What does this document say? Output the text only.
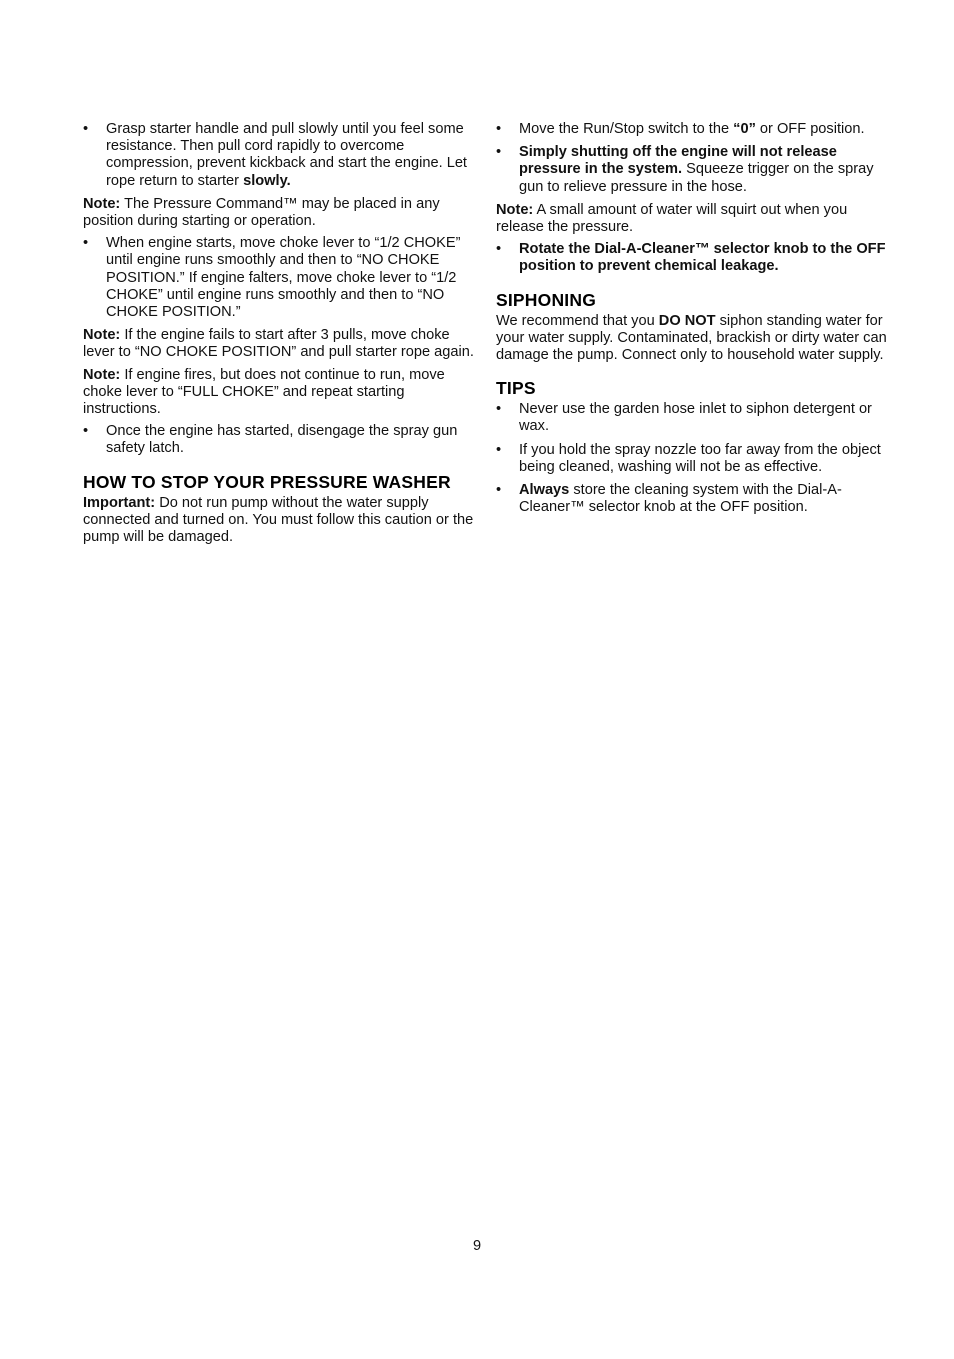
•	Grasp starter handle and pull slowly until you feel some resistance. Then pull cord rapidly to overcome compression, prevent kickback and start the engine. Let rope return to starter slowly.

Note: The Pressure Command™ may be placed in any position during starting or operation.

•	When engine starts, move choke lever to “1/2 CHOKE” until engine runs smoothly and then to “NO CHOKE POSITION.” If engine falters, move choke lever to “1/2 CHOKE” until engine runs smoothly and then to “NO CHOKE POSITION.”

Note: If the engine fails to start after 3 pulls, move choke lever to “NO CHOKE POSITION” and pull starter rope again.

Note: If engine fires, but does not continue to run, move choke lever to “FULL CHOKE” and repeat starting instructions.

•	Once the engine has started, disengage the spray gun safety latch.
HOW TO STOP YOUR PRESSURE WASHER

Important: Do not run pump without the water supply connected and turned on. You must follow this caution or the pump will be damaged.

•	Move the Run/Stop switch to the “0” or OFF position.
•	Simply shutting off the engine will not release pressure in the system. Squeeze trigger on the spray gun to relieve pressure in the hose.

Note: A small amount of water will squirt out when you release the pressure.

•	Rotate the Dial-A-Cleaner™ selector knob to the OFF position to prevent chemical leakage.
SIPHONING

We recommend that you DO NOT siphon standing water for your water supply. Contaminated, brackish or dirty water can damage the pump. Connect only to household water supply.

TIPS
•	Never use the garden hose inlet to siphon detergent or wax.
•	If you hold the spray nozzle too far away from the object being cleaned, washing will not be as effective.
•	Always store the cleaning system with the Dial-A-Cleaner™ selector knob at the OFF position.
9
